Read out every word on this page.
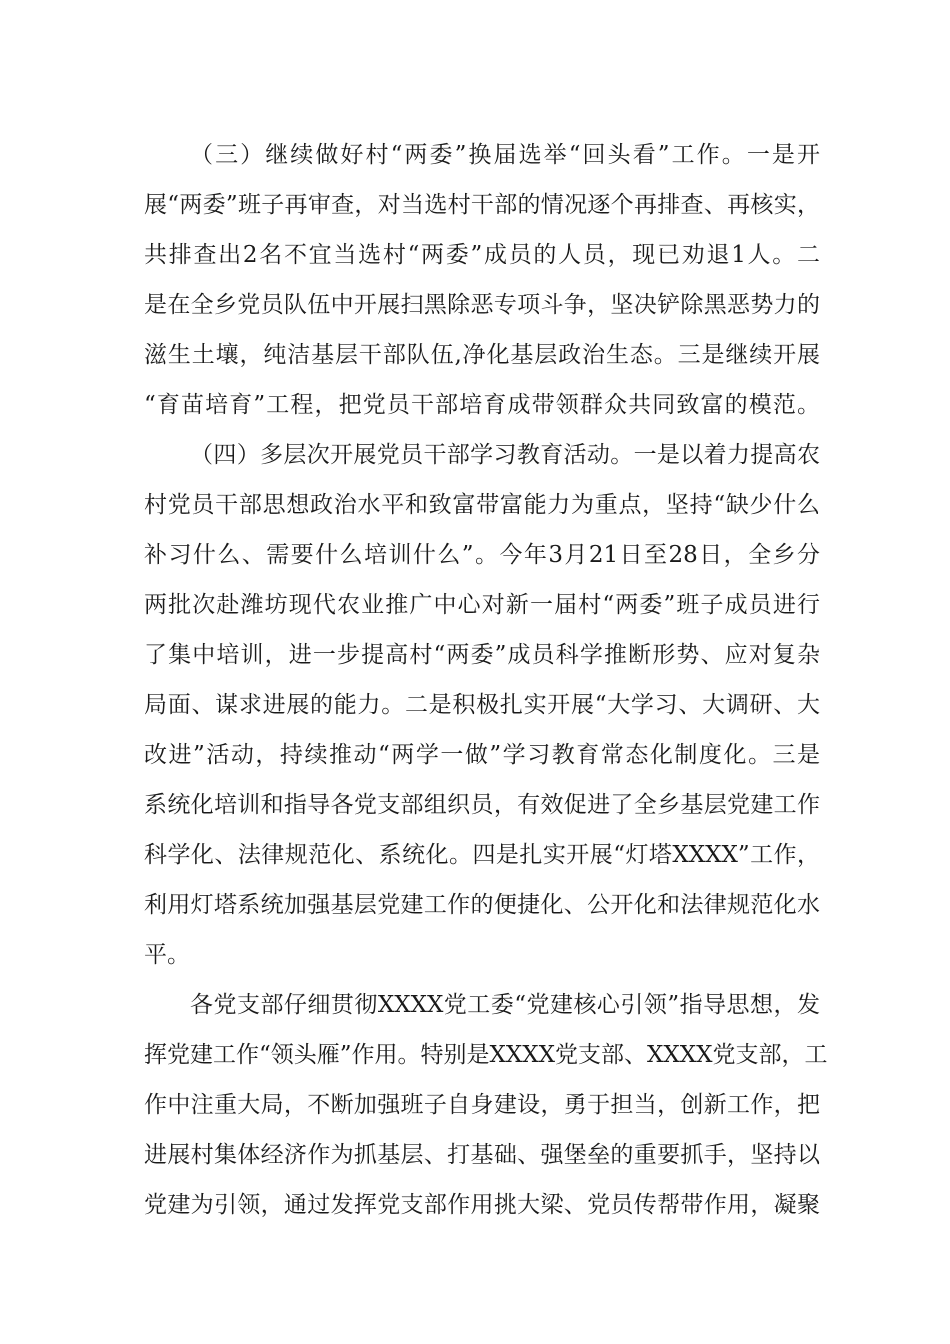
（三）继续做好村“两委”换届选举“回头看”工作。一是开
展“两委”班子再审查，对当选村干部的情况逐个再排查、再核实，
共排查出2名不宜当选村“两委”成员的人员，现已劝退1人。二
是在全乡党员队伍中开展扫黑除恶专项斗争，坚决铲除黑恶势力的
滋生土壤，纯洁基层干部队伍,净化基层政治生态。三是继续开展
“育苗培育”工程，把党员干部培育成带领群众共同致富的模范。
（四）多层次开展党员干部学习教育活动。一是以着力提高农
村党员干部思想政治水平和致富带富能力为重点，坚持“缺少什么
补习什么、需要什么培训什么”。今年3月21日至28日，全乡分
两批次赴潍坊现代农业推广中心对新一届村“两委”班子成员进行
了集中培训，进一步提高村“两委”成员科学推断形势、应对复杂
局面、谋求进展的能力。二是积极扎实开展“大学习、大调研、大
改进”活动，持续推动“两学一做”学习教育常态化制度化。三是
系统化培训和指导各党支部组织员，有效促进了全乡基层党建工作
科学化、法律规范化、系统化。四是扎实开展“灯塔XXXX”工作，
利用灯塔系统加强基层党建工作的便捷化、公开化和法律规范化水
平。
各党支部仔细贯彻XXXX党工委“党建核心引领”指导思想，发
挥党建工作“领头雁”作用。特别是XXXX党支部、XXXX党支部，工
作中注重大局，不断加强班子自身建设，勇于担当，创新工作，把
进展村集体经济作为抓基层、打基础、强堡垒的重要抓手，坚持以
党建为引领，通过发挥党支部作用挑大梁、党员传帮带作用，凝聚
